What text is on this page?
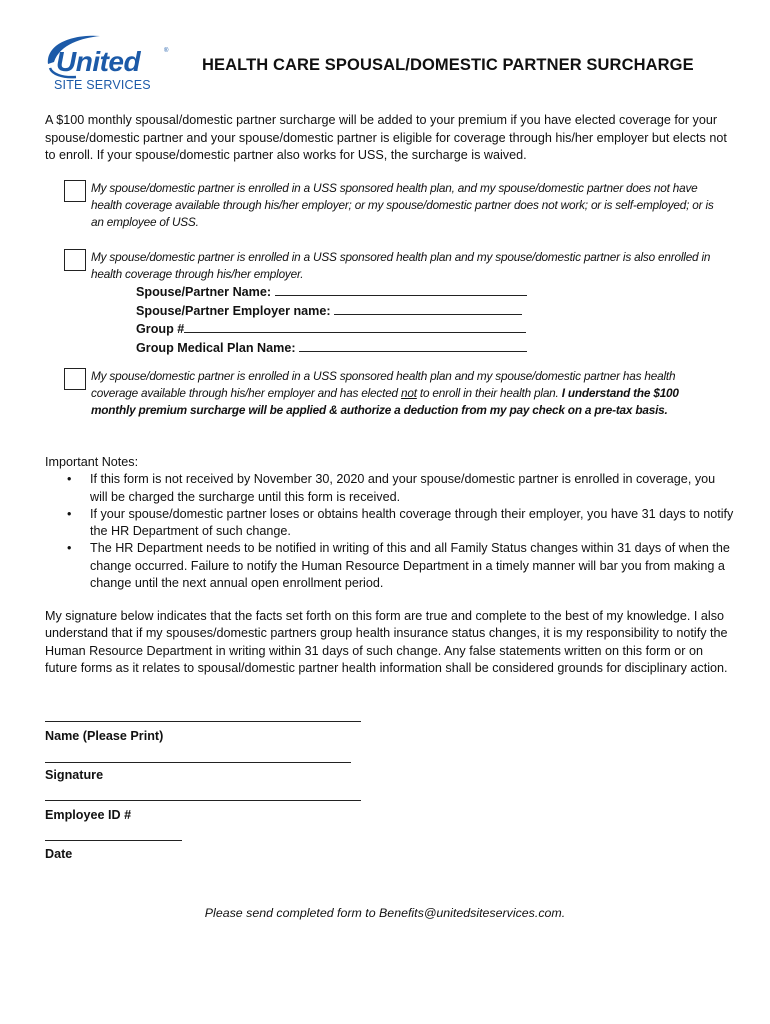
United	®
SITE SERVICES
HEALTH CARE SPOUSAL/DOMESTIC PARTNER SURCHARGE
A $100 monthly spousal/domestic partner surcharge will be added to your premium if you have elected coverage for your spouse/domestic partner and your spouse/domestic partner is eligible for coverage through his/her employer but elects not to enroll. If your spouse/domestic partner also works for USS, the surcharge is waived.
My spouse/domestic partner is enrolled in a USS sponsored health plan, and my spouse/domestic partner does not have health coverage available through his/her employer; or my spouse/domestic partner does not work; or is self-employed; or is an employee of USS.
My spouse/domestic partner is enrolled in a USS sponsored health plan and my spouse/domestic partner is also enrolled in health coverage through his/her employer.
Spouse/Partner Name:
Spouse/Partner Employer name:
Group #
Group Medical Plan Name:
My spouse/domestic partner is enrolled in a USS sponsored health plan and my spouse/domestic partner has health coverage available through his/her employer and has elected not to enroll in their health plan. I understand the $100 monthly premium surcharge will be applied & authorize a deduction from my pay check on a pre-tax basis.
Important Notes:
• If this form is not received by November 30, 2020 and your spouse/domestic partner is enrolled in coverage, you will be charged the surcharge until this form is received.
• If your spouse/domestic partner loses or obtains health coverage through their employer, you have 31 days to notify the HR Department of such change.
• The HR Department needs to be notified in writing of this and all Family Status changes within 31 days of when the change occurred. Failure to notify the Human Resource Department in a timely manner will bar you from making a change until the next annual open enrollment period.
My signature below indicates that the facts set forth on this form are true and complete to the best of my knowledge. I also understand that if my spouses/domestic partners group health insurance status changes, it is my responsibility to notify the Human Resource Department in writing within 31 days of such change. Any false statements written on this form or on future forms as it relates to spousal/domestic partner health information shall be considered grounds for disciplinary action.
Name (Please Print)
Signature
Employee ID #
Date
Please send completed form to Benefits@unitedsiteservices.com.
